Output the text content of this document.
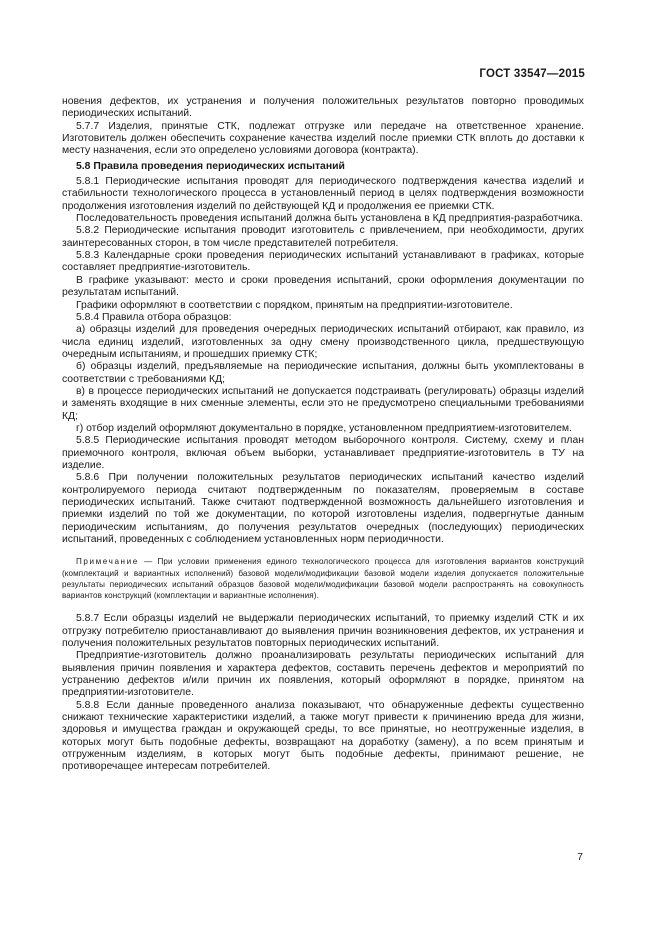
ГОСТ 33547—2015

новения дефектов, их устранения и получения положительных результатов повторно проводимых периодических испытаний.

5.7.7 Изделия, принятые СТК, подлежат отгрузке или передаче на ответственное хранение. Изготовитель должен обеспечить сохранение качества изделий после приемки СТК вплоть до доставки к месту назначения, если это определено условиями договора (контракта).

5.8 Правила проведения периодических испытаний

5.8.1 Периодические испытания проводят для периодического подтверждения качества изделий и стабильности технологического процесса в установленный период в целях подтверждения возможности продолжения изготовления изделий по действующей КД и продолжения ее приемки СТК.

Последовательность проведения испытаний должна быть установлена в КД предприятия-разработчика.

5.8.2 Периодические испытания проводит изготовитель с привлечением, при необходимости, других заинтересованных сторон, в том числе представителей потребителя.

5.8.3 Календарные сроки проведения периодических испытаний устанавливают в графиках, которые составляет предприятие-изготовитель.

В графике указывают: место и сроки проведения испытаний, сроки оформления документации по результатам испытаний.

Графики оформляют в соответствии с порядком, принятым на предприятии-изготовителе.

5.8.4 Правила отбора образцов:

а) образцы изделий для проведения очередных периодических испытаний отбирают, как правило, из числа единиц изделий, изготовленных за одну смену производственного цикла, предшествующую очередным испытаниям, и прошедших приемку СТК;

б) образцы изделий, предъявляемые на периодические испытания, должны быть укомплектованы в соответствии с требованиями КД;

в) в процессе периодических испытаний не допускается подстраивать (регулировать) образцы изделий и заменять входящие в них сменные элементы, если это не предусмотрено специальными требованиями КД;

г) отбор изделий оформляют документально в порядке, установленном предприятием-изготовителем.

5.8.5 Периодические испытания проводят методом выборочного контроля. Систему, схему и план приемочного контроля, включая объем выборки, устанавливает предприятие-изготовитель в ТУ на изделие.

5.8.6 При получении положительных результатов периодических испытаний качество изделий контролируемого периода считают подтвержденным по показателям, проверяемым в составе периодических испытаний. Также считают подтвержденной возможность дальнейшего изготовления и приемки изделий по той же документации, по которой изготовлены изделия, подвергнутые данным периодическим испытаниям, до получения результатов очередных (последующих) периодических испытаний, проведенных с соблюдением установленных норм периодичности.

Примечание — При условии применения единого технологического процесса для изготовления вариантов конструкций (комплектаций и вариантных исполнений) базовой модели/модификации базовой модели изделия допускается положительные результаты периодических испытаний образцов базовой модели/модификации базовой модели распространять на совокупность вариантов конструкций (комплектации и вариантные исполнения).

5.8.7 Если образцы изделий не выдержали периодических испытаний, то приемку изделий СТК и их отгрузку потребителю приостанавливают до выявления причин возникновения дефектов, их устранения и получения положительных результатов повторных периодических испытаний.

Предприятие-изготовитель должно проанализировать результаты периодических испытаний для выявления причин появления и характера дефектов, составить перечень дефектов и мероприятий по устранению дефектов и/или причин их появления, который оформляют в порядке, принятом на предприятии-изготовителе.

5.8.8 Если данные проведенного анализа показывают, что обнаруженные дефекты существенно снижают технические характеристики изделий, а также могут привести к причинению вреда для жизни, здоровья и имущества граждан и окружающей среды, то все принятые, но неотгруженные изделия, в которых могут быть подобные дефекты, возвращают на доработку (замену), а по всем принятым и отгруженным изделиям, в которых могут быть подобные дефекты, принимают решение, не противоречащее интересам потребителей.

7
